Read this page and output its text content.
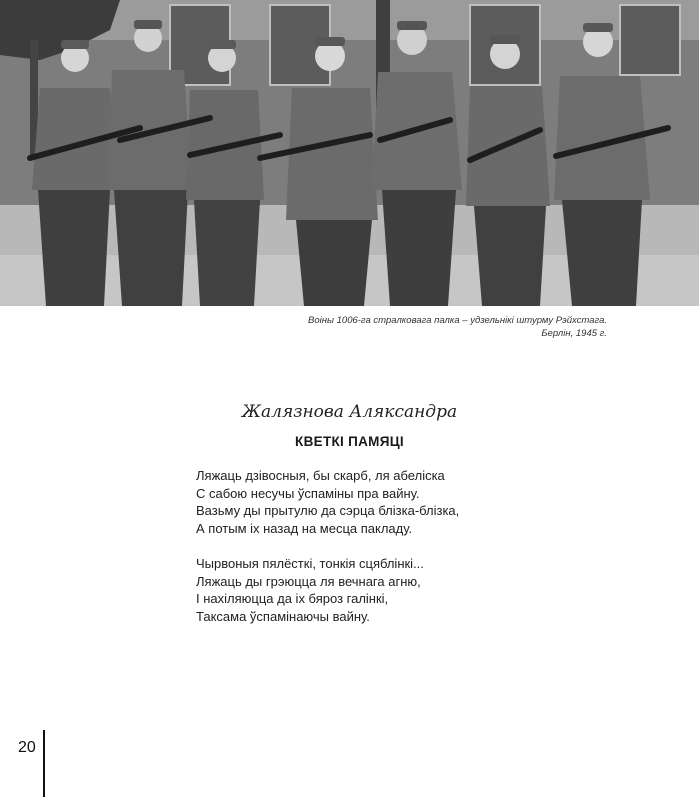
Воіны 1006-га стралковага палка – удзельнікі штурму Рэйхстага.
Берлін, 1945 г.
Жалязнова Аляксандра
КВЕТКІ ПАМЯЦІ
Ляжаць дзівосныя, бы скарб, ля абеліска
С сабою несучы ўспаміны пра вайну.
Вазьму ды прытулю да сэрца блізка-блізка,
А потым іх назад на месца пакладу.
Чырвоныя пялёсткі, тонкія сцяблінкі...
Ляжаць ды грэюцца ля вечнага агню,
І нахіляюцца да іх бяроз галінкі,
Таксама ўспамінаючы вайну.
20
